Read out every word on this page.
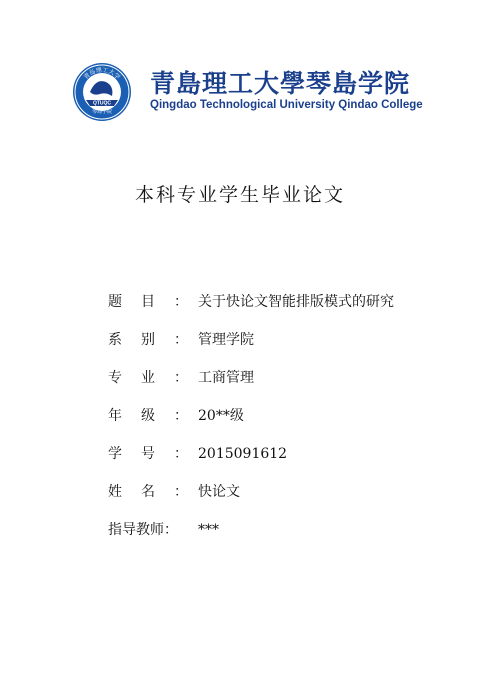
青岛理工大学
琴岛学院
QTUQC
青島理工大學琴島学院
Qingdao Technological University Qindao College
本科专业学生毕业论文
题 目 ： 关于快论文智能排版模式的研究
系 别 ： 管理学院
专 业 ： 工商管理
年 级 ： 20**级
学 号 ： 2015091612
姓 名 ： 快论文
指导教师：	***
